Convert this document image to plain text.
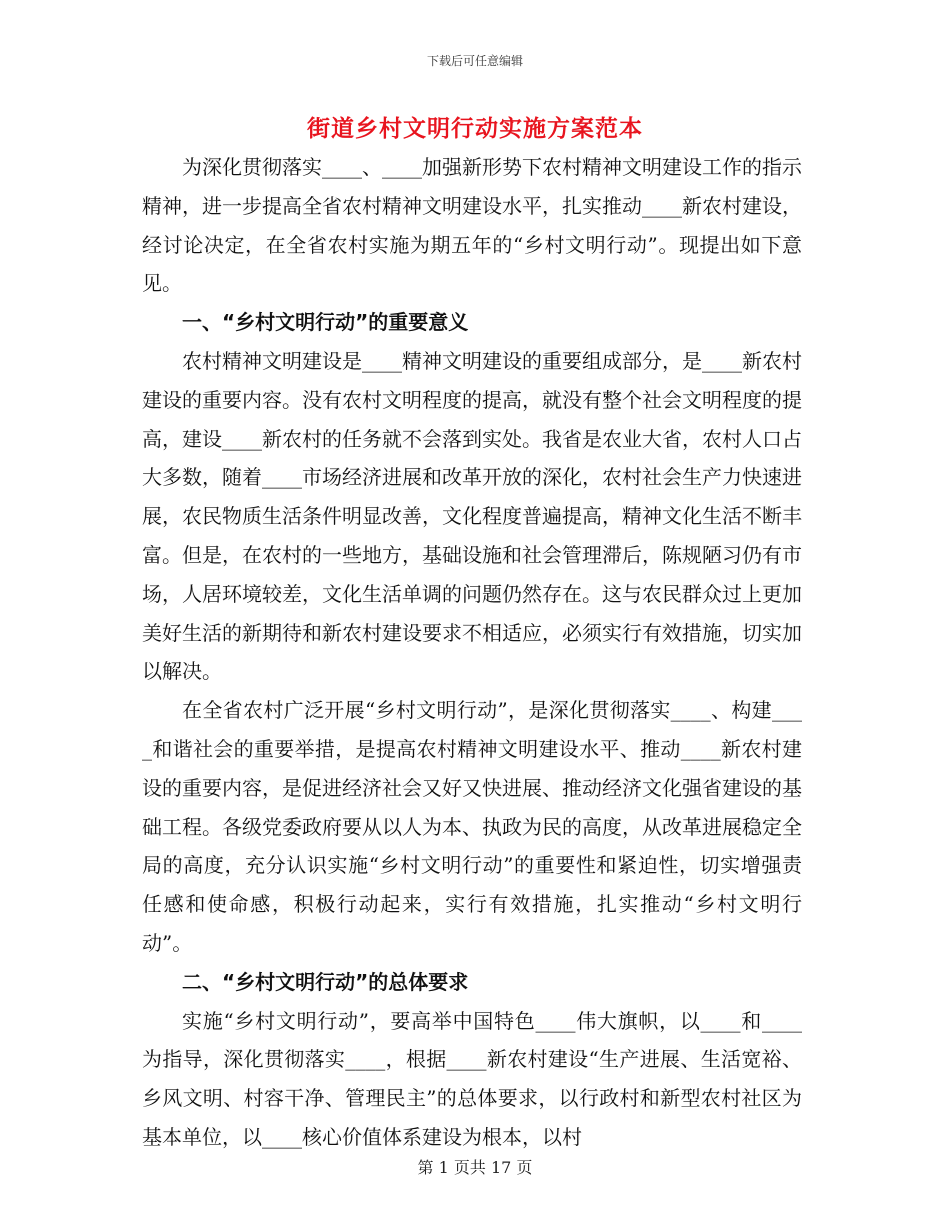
下载后可任意编辑
街道乡村文明行动实施方案范本

为深化贯彻落实____、____加强新形势下农村精神文明建设工作的指示精神，进一步提高全省农村精神文明建设水平，扎实推动____新农村建设，经讨论决定，在全省农村实施为期五年的“乡村文明行动”。现提出如下意见。

一、“乡村文明行动”的重要意义

农村精神文明建设是____精神文明建设的重要组成部分，是____新农村建设的重要内容。没有农村文明程度的提高，就没有整个社会文明程度的提高，建设____新农村的任务就不会落到实处。我省是农业大省，农村人口占大多数，随着____市场经济进展和改革开放的深化，农村社会生产力快速进展，农民物质生活条件明显改善，文化程度普遍提高，精神文化生活不断丰富。但是，在农村的一些地方，基础设施和社会管理滞后，陈规陋习仍有市场，人居环境较差，文化生活单调的问题仍然存在。这与农民群众过上更加美好生活的新期待和新农村建设要求不相适应，必须实行有效措施，切实加以解决。

在全省农村广泛开展“乡村文明行动”，是深化贯彻落实____、构建____和谐社会的重要举措，是提高农村精神文明建设水平、推动____新农村建设的重要内容，是促进经济社会又好又快进展、推动经济文化强省建设的基础工程。各级党委政府要从以人为本、执政为民的高度，从改革进展稳定全局的高度，充分认识实施“乡村文明行动”的重要性和紧迫性，切实增强责任感和使命感，积极行动起来，实行有效措施，扎实推动“乡村文明行动”。

二、“乡村文明行动”的总体要求

实施“乡村文明行动”，要高举中国特色____伟大旗帜，以____和____为指导，深化贯彻落实____，根据____新农村建设“生产进展、生活宽裕、乡风文明、村容干净、管理民主”的总体要求，以行政村和新型农村社区为基本单位，以____核心价值体系建设为根本，以村

第 1 页共 17 页
